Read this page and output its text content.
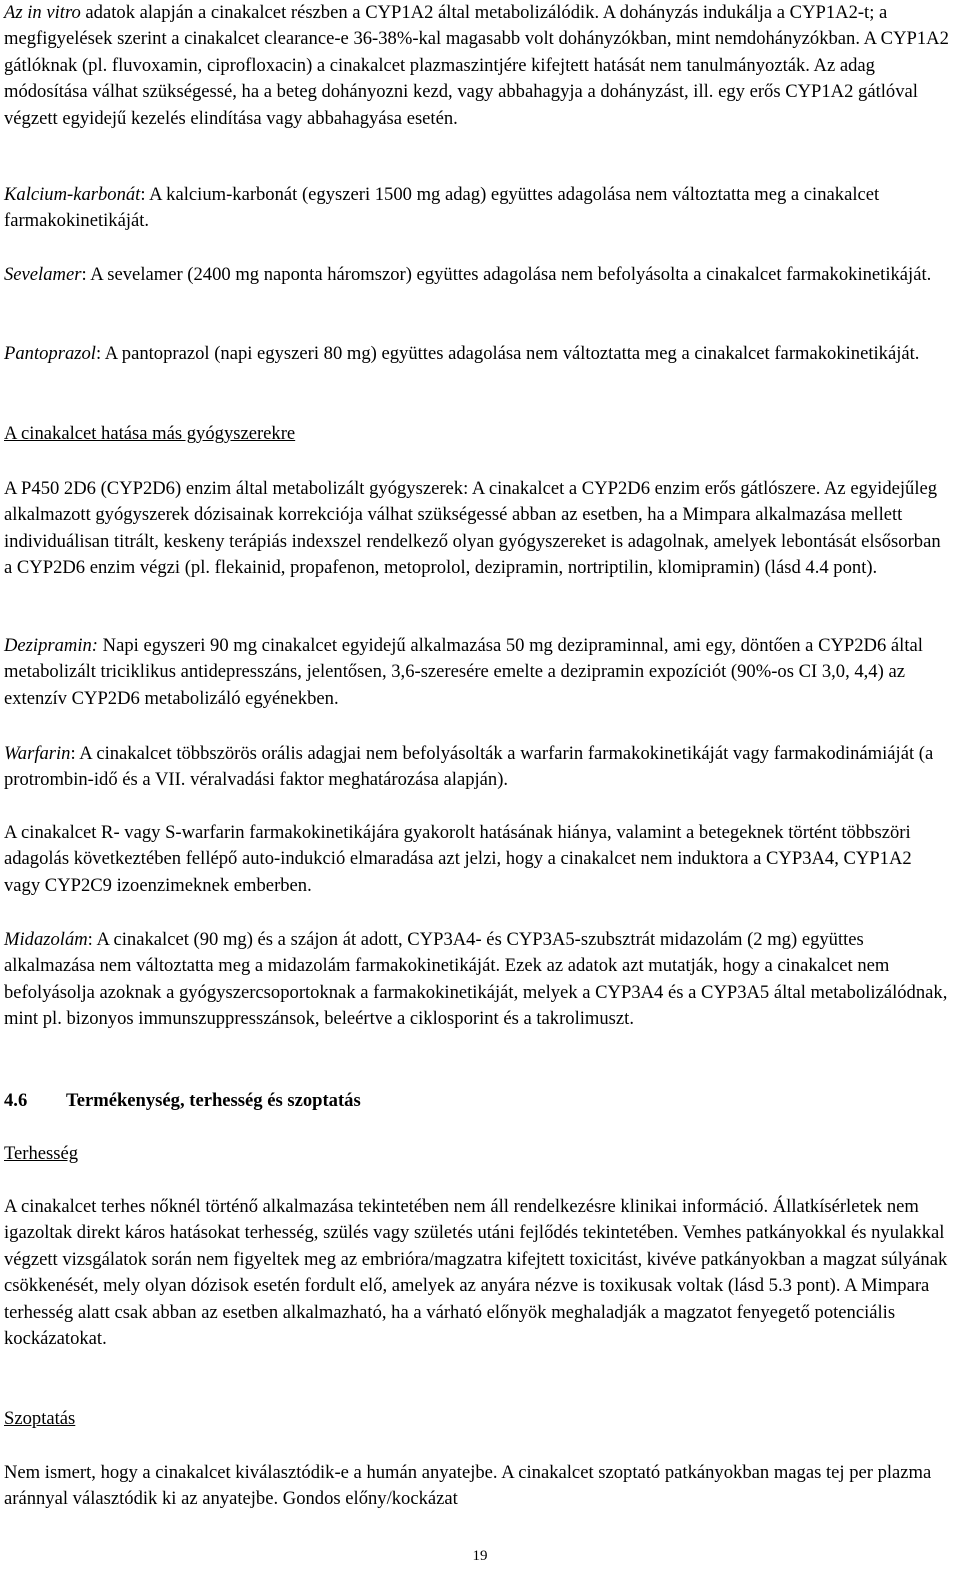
Az in vitro adatok alapján a cinakalcet részben a CYP1A2 által metabolizálódik. A dohányzás indukálja a CYP1A2-t; a megfigyelések szerint a cinakalcet clearance-e 36-38%-kal magasabb volt dohányzókban, mint nemdohányzókban. A CYP1A2 gátlóknak (pl. fluvoxamin, ciprofloxacin) a cinakalcet plazmaszintjére kifejtett hatását nem tanulmányozták. Az adag módosítása válhat szükségessé, ha a beteg dohányozni kezd, vagy abbahagyja a dohányzást, ill. egy erős CYP1A2 gátlóval végzett egyidejű kezelés elindítása vagy abbahagyása esetén.

Kalcium-karbonát: A kalcium-karbonát (egyszeri 1500 mg adag) együttes adagolása nem változtatta meg a cinakalcet farmakokinetikáját.

Sevelamer: A sevelamer (2400 mg naponta háromszor) együttes adagolása nem befolyásolta a cinakalcet farmakokinetikáját.

Pantoprazol: A pantoprazol (napi egyszeri 80 mg) együttes adagolása nem változtatta meg a cinakalcet farmakokinetikáját.

A cinakalcet hatása más gyógyszerekre

A P450 2D6 (CYP2D6) enzim által metabolizált gyógyszerek: A cinakalcet a CYP2D6 enzim erős gátlószere. Az egyidejűleg alkalmazott gyógyszerek dózisainak korrekciója válhat szükségessé abban az esetben, ha a Mimpara alkalmazása mellett individuálisan titrált, keskeny terápiás indexszel rendelkező olyan gyógyszereket is adagolnak, amelyek lebontását elsősorban a CYP2D6 enzim végzi (pl. flekainid, propafenon, metoprolol, dezipramin, nortriptilin, klomipramin) (lásd 4.4 pont).

Dezipramin: Napi egyszeri 90 mg cinakalcet egyidejű alkalmazása 50 mg dezipraminnal, ami egy, döntően a CYP2D6 által metabolizált triciklikus antidepresszáns, jelentősen, 3,6-szeresére emelte a dezipramin expozíciót (90%-os CI 3,0, 4,4) az extenzív CYP2D6 metabolizáló egyénekben.

Warfarin: A cinakalcet többszörös orális adagjai nem befolyásolták a warfarin farmakokinetikáját vagy farmakodinámiáját (a protrombin-idő és a VII. véralvadási faktor meghatározása alapján).

A cinakalcet R- vagy S-warfarin farmakokinetikájára gyakorolt hatásának hiánya, valamint a betegeknek történt többszöri adagolás következtében fellépő auto-indukció elmaradása azt jelzi, hogy a cinakalcet nem induktora a CYP3A4, CYP1A2 vagy CYP2C9 izoenzimeknek emberben.

Midazolám: A cinakalcet (90 mg) és a szájon át adott, CYP3A4- és CYP3A5-szubsztrát midazolám (2 mg) együttes alkalmazása nem változtatta meg a midazolám farmakokinetikáját. Ezek az adatok azt mutatják, hogy a cinakalcet nem befolyásolja azoknak a gyógyszercsoportoknak a farmakokinetikáját, melyek a CYP3A4 és a CYP3A5 által metabolizálódnak, mint pl. bizonyos immunszuppresszánsok, beleértve a ciklosporint és a takrolimuszt.

4.6 Termékenység, terhesség és szoptatás

Terhesség

A cinakalcet terhes nőknél történő alkalmazása tekintetében nem áll rendelkezésre klinikai információ. Állatkísérletek nem igazoltak direkt káros hatásokat terhesség, szülés vagy születés utáni fejlődés tekintetében. Vemhes patkányokkal és nyulakkal végzett vizsgálatok során nem figyeltek meg az embrióra/magzatra kifejtett toxicitást, kivéve patkányokban a magzat súlyának csökkenését, mely olyan dózisok esetén fordult elő, amelyek az anyára nézve is toxikusak voltak (lásd 5.3 pont). A Mimpara terhesség alatt csak abban az esetben alkalmazható, ha a várható előnyök meghaladják a magzatot fenyegető potenciális kockázatokat.

Szoptatás

Nem ismert, hogy a cinakalcet kiválasztódik-e a humán anyatejbe. A cinakalcet szoptató patkányokban magas tej per plazma aránnyal választódik ki az anyatejbe. Gondos előny/kockázat

19
